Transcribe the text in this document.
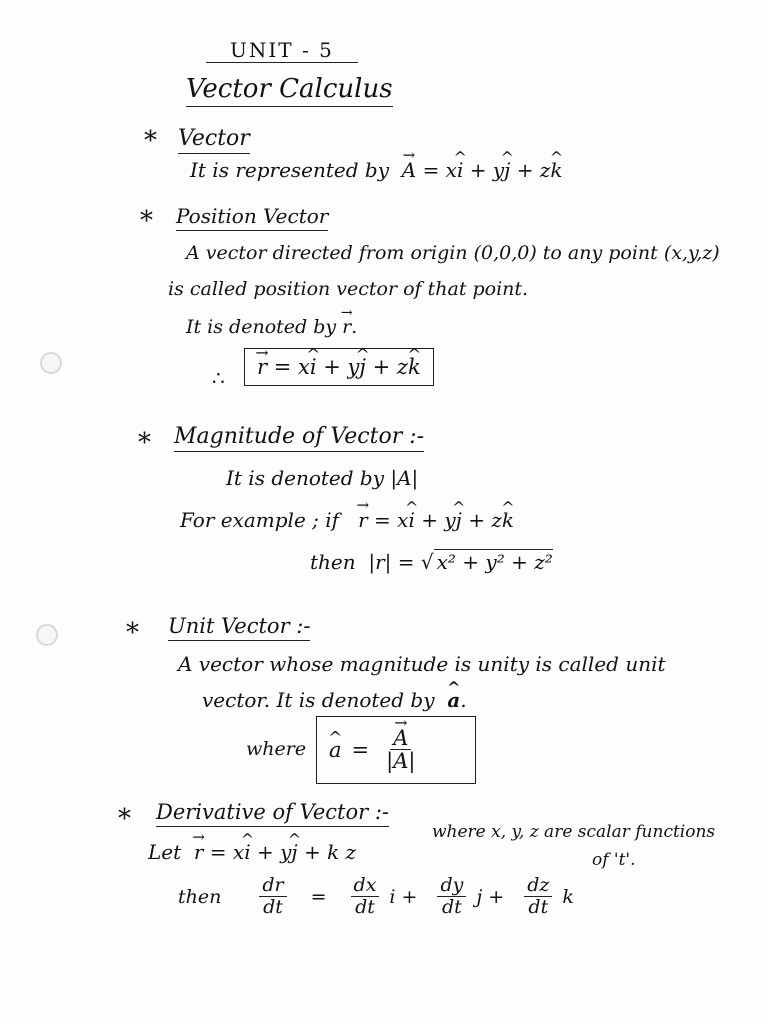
UNIT - 5
Vector Calculus
* Vector
It is represented by → A = x^ i + y^ j + z^ k
* Position Vector
A vector directed from origin (0,0,0) to any point (x,y,z)
is called position vector of that point.
It is denoted by → r.
∴	→ r = x^ i + y^ j + z^ k
* Magnitude of Vector :-
It is denoted by |A|
For example ; if → r = x^ i + y^ j + z^ k
then |r| = √ x² + y² + z²
* Unit Vector :-
A vector whose magnitude is unity is called unit
vector. It is denoted by ^ a.
where ^ a = → $\frac{A}{|A|}$
* Derivative of Vector :-
Let → r = x^ i + y^ j + k z
where x, y, z are scalar functions
of 't'.
then $\frac{dr}{dt} = \frac{dx}{dt}$ $i + \frac{dy}{dt}$ $j + \frac{dz}{dt}$ k
